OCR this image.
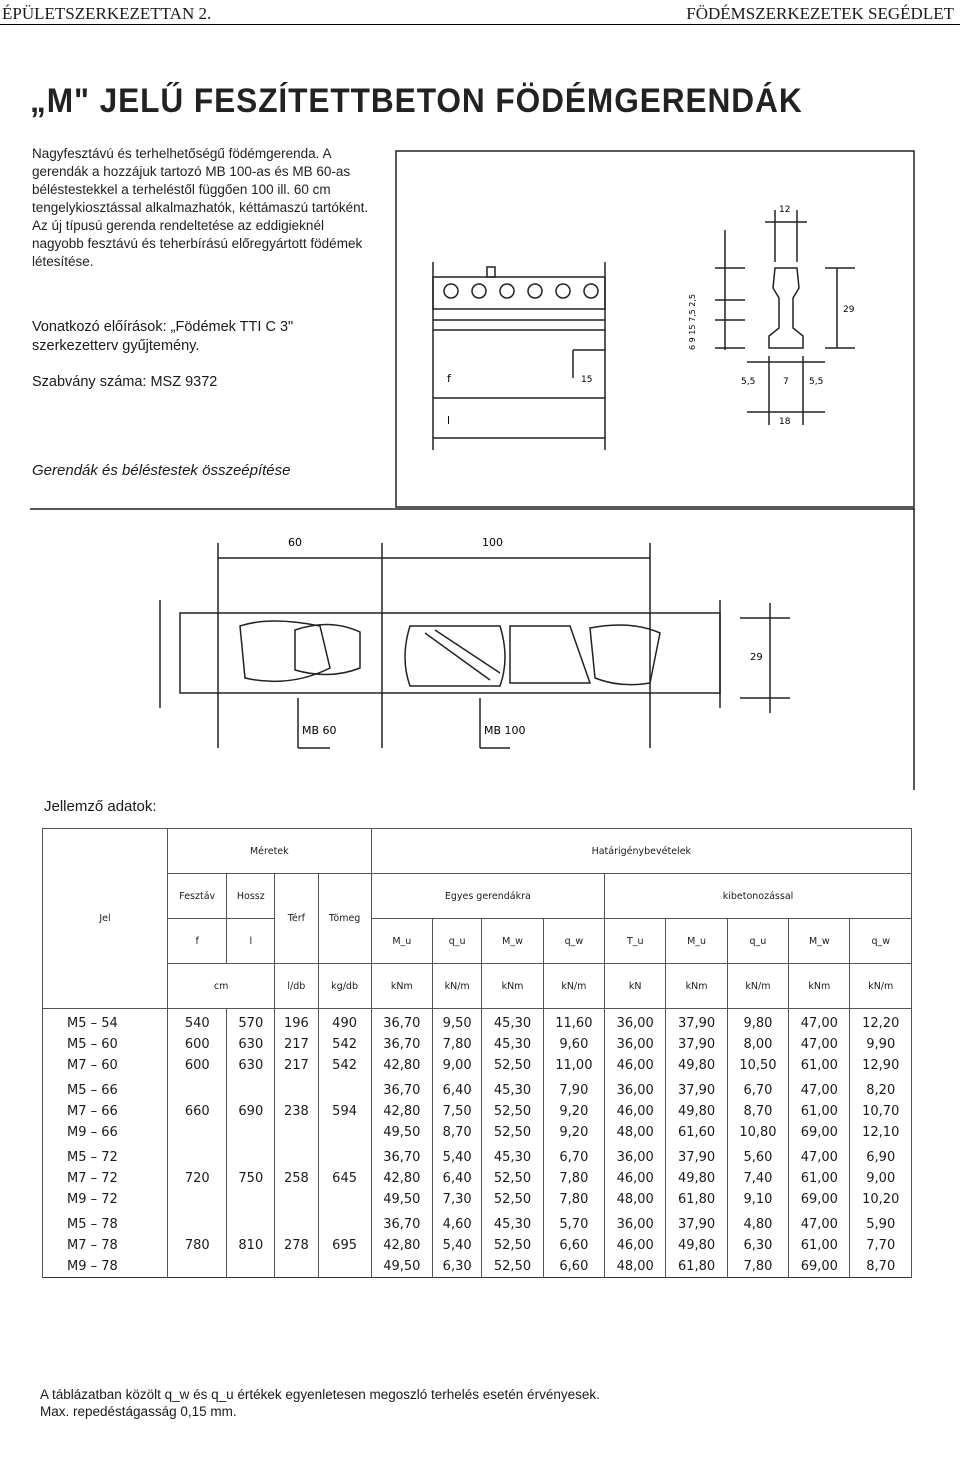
ÉPÜLETSZERKEZETTAN 2.	FÖDÉMSZERKEZETEK SEGÉDLET
„M" JELŰ FESZÍTETTBETON FÖDÉMGERENDÁK
Nagyfesztávú és terhelhetőségű födémgerenda. A gerendák a hozzájuk tartozó MB 100-as és MB 60-as béléstestekkel a terheléstől függően 100 ill. 60 cm tengelykiosztással alkalmazhatók, kéttámaszú tartóként. Az új típusú gerenda rendeltetése az eddigieknél nagyobb fesztávú és teherbírású előregyártott födémek létesítése.
Vonatkozó előírások: „Födémek TTI C 3" szerkezetterv gyűjtemény.
Szabvány száma: MSZ 9372	f
l
15
12
29
5,5	7 5,5
18
6 9 15 7,5 2,5
Gerendák és béléstestek összeépítése
60	100
29
MB 60	MB 100
Jellemző adatok:
Jel	Méretek				Határigénybevételek								
	Fesztáv	Hossz	Térf	Tömeg	Egyes gerendákra				kibetonozással				
	f	l			M_u	q_u	M_w	q_w	T_u	M_u	q_u	M_w	q_w
	cm		l/db	kg/db	kNm	kN/m	kNm	kN/m	kN	kNm	kN/m	kNm	kN/m
M5 – 54	540	570	196	490	36,70	9,50	45,30	11,60	36,00	37,90	9,80	47,00	12,20
M5 – 60	600	630	217	542	36,70	7,80	45,30	9,60	36,00	37,90	8,00	47,00	9,90
M7 – 60	600	630	217	542	42,80	9,00	52,50	11,00	46,00	49,80	10,50	61,00	12,90
M5 – 66					36,70	6,40	45,30	7,90	36,00	37,90	6,70	47,00	8,20
M7 – 66	660	690	238	594	42,80	7,50	52,50	9,20	46,00	49,80	8,70	61,00	10,70
M9 – 66					49,50	8,70	52,50	9,20	48,00	61,60	10,80	69,00	12,10
M5 – 72					36,70	5,40	45,30	6,70	36,00	37,90	5,60	47,00	6,90
M7 – 72	720	750	258	645	42,80	6,40	52,50	7,80	46,00	49,80	7,40	61,00	9,00
M9 – 72					49,50	7,30	52,50	7,80	48,00	61,80	9,10	69,00	10,20
M5 – 78					36,70	4,60	45,30	5,70	36,00	37,90	4,80	47,00	5,90
M7 – 78	780	810	278	695	42,80	5,40	52,50	6,60	46,00	49,80	6,30	61,00	7,70
M9 – 78					49,50	6,30	52,50	6,60	48,00	61,80	7,80	69,00	8,70
A táblázatban közölt q_w és q_u értékek egyenletesen megoszló terhelés esetén érvényesek.
Max. repedéstágasság 0,15 mm.
